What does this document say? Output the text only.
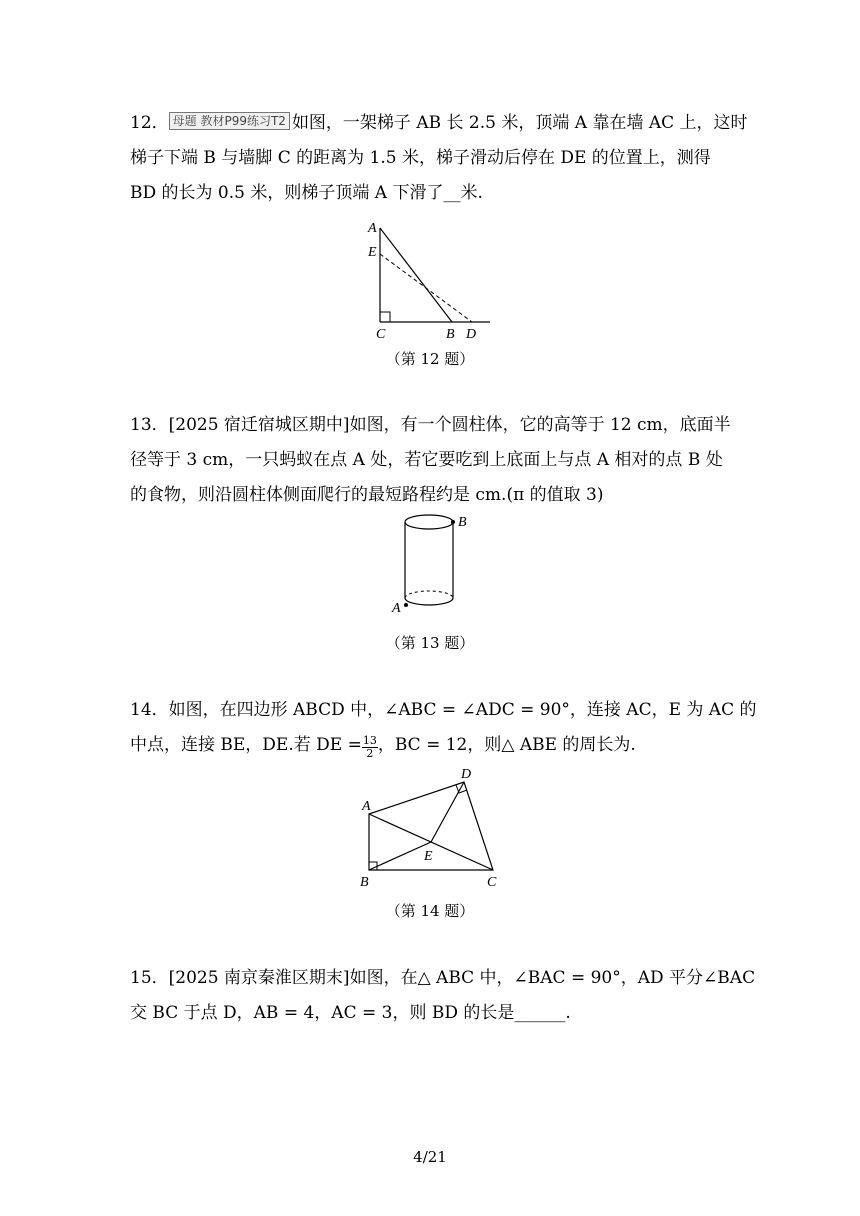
12． 母题 教材P99练习T2 如图，一架梯子 AB 长 2.5 米，顶端 A 靠在墙 AC 上，这时
梯子下端 B 与墙脚 C 的距离为 1.5 米，梯子滑动后停在 DE 的位置上，测得
BD 的长为 0.5 米，则梯子顶端 A 下滑了__米.
A
E
C	B D
（第 12 题）
13．[2025 宿迁宿城区期中]如图，有一个圆柱体，它的高等于 12 cm，底面半
径等于 3 cm，一只蚂蚁在点 A 处，若它要吃到上底面上与点 A 相对的点 B 处
的食物，则沿圆柱体侧面爬行的最短路程约是 cm.(π 的值取 3)
B
A
（第 13 题）
14．如图，在四边形 ABCD 中，∠ABC = ∠ADC = 90°，连接 AC，E 为 AC 的
中点，连接 BE，DE.若 DE = $\frac{13}{2}$ ，BC = 12，则△ ABE 的周长为.
A
D
E
B	C
（第 14 题）
15．[2025 南京秦淮区期末]如图，在△ ABC 中，∠BAC = 90°，AD 平分∠BAC
交 BC 于点 D，AB = 4，AC = 3，则 BD 的长是______.
4/21
